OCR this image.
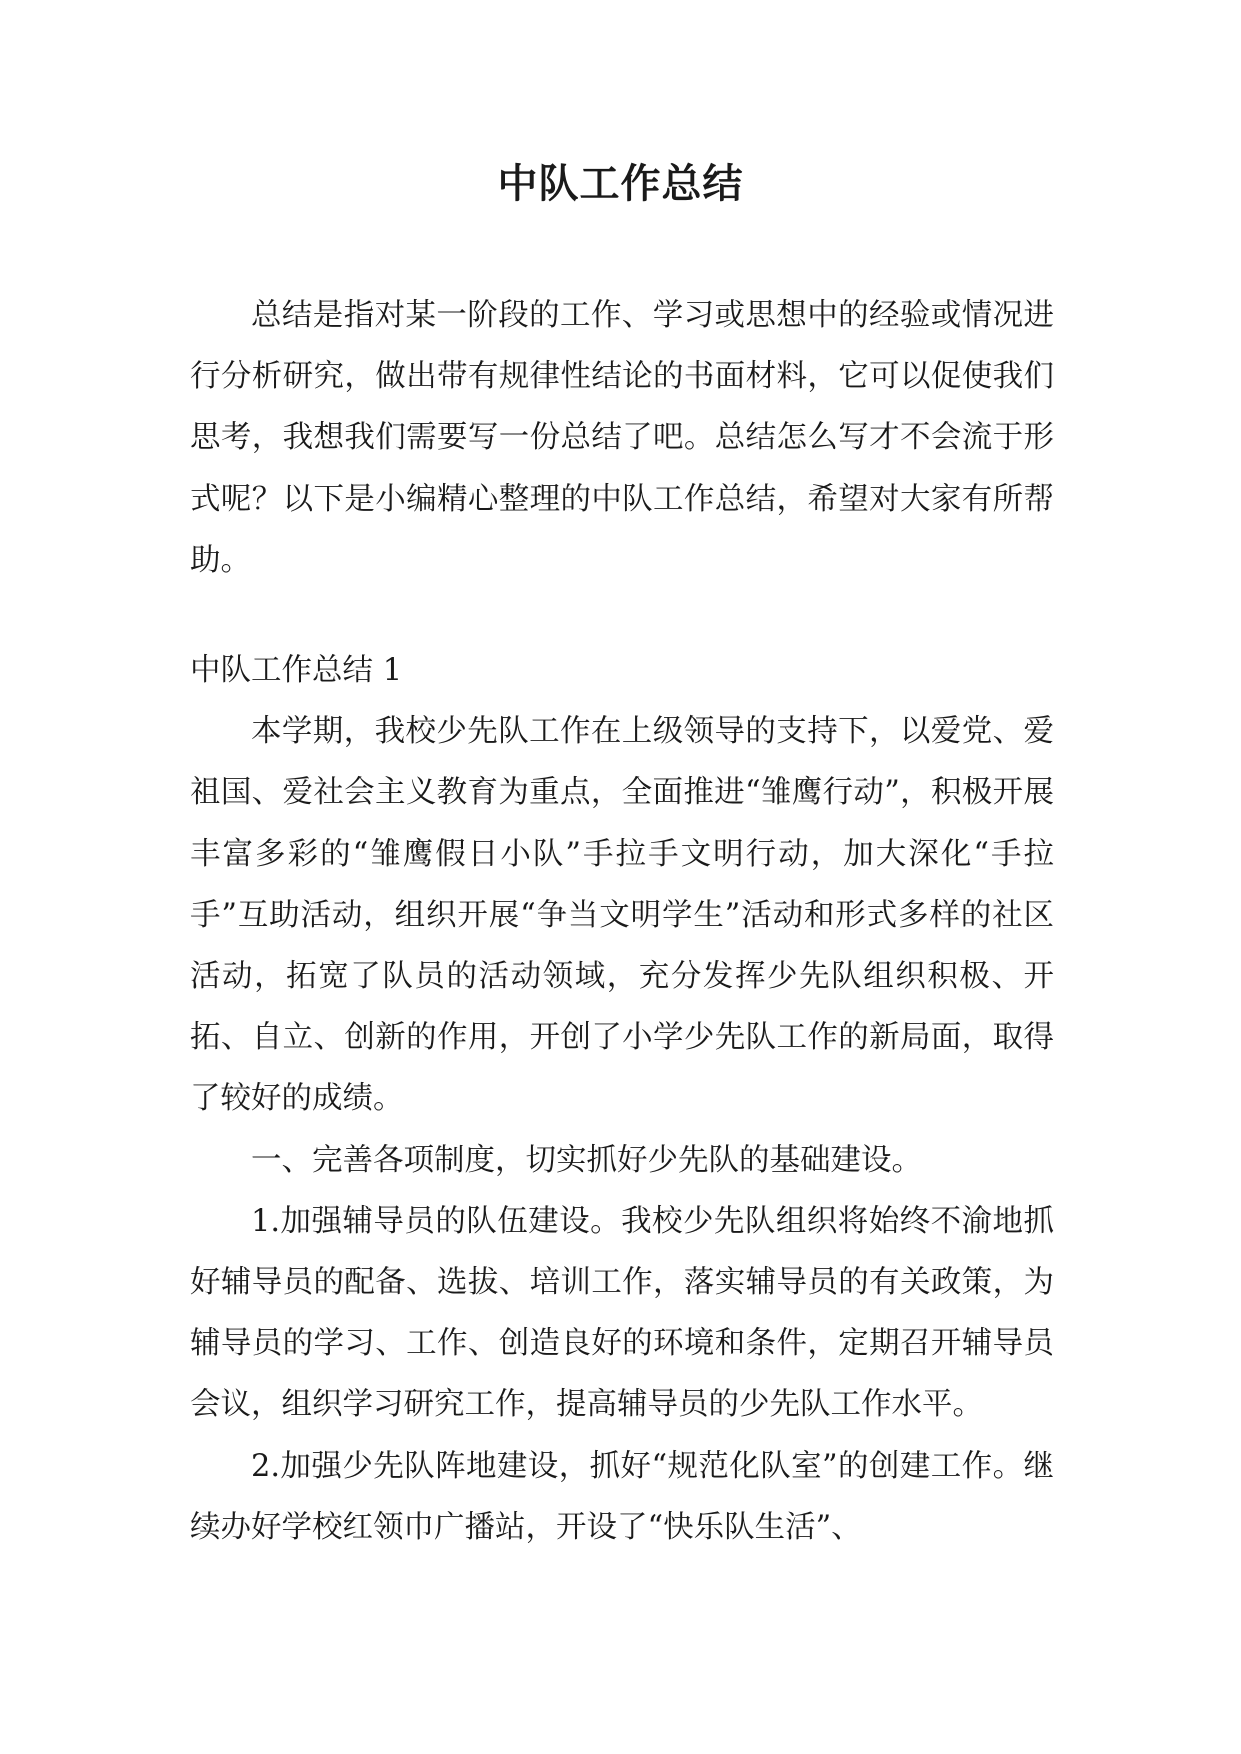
中队工作总结

总结是指对某一阶段的工作、学习或思想中的经验或情况进行分析研究，做出带有规律性结论的书面材料，它可以促使我们思考，我想我们需要写一份总结了吧。总结怎么写才不会流于形式呢？以下是小编精心整理的中队工作总结，希望对大家有所帮助。

中队工作总结 1

本学期，我校少先队工作在上级领导的支持下，以爱党、爱祖国、爱社会主义教育为重点，全面推进“雏鹰行动”，积极开展丰富多彩的“雏鹰假日小队”手拉手文明行动，加大深化“手拉手”互助活动，组织开展“争当文明学生”活动和形式多样的社区活动，拓宽了队员的活动领域，充分发挥少先队组织积极、开拓、自立、创新的作用，开创了小学少先队工作的新局面，取得了较好的成绩。

一、完善各项制度，切实抓好少先队的基础建设。

1.加强辅导员的队伍建设。我校少先队组织将始终不渝地抓好辅导员的配备、选拔、培训工作，落实辅导员的有关政策，为辅导员的学习、工作、创造良好的环境和条件，定期召开辅导员会议，组织学习研究工作，提高辅导员的少先队工作水平。

2.加强少先队阵地建设，抓好“规范化队室”的创建工作。继续办好学校红领巾广播站，开设了“快乐队生活”、
